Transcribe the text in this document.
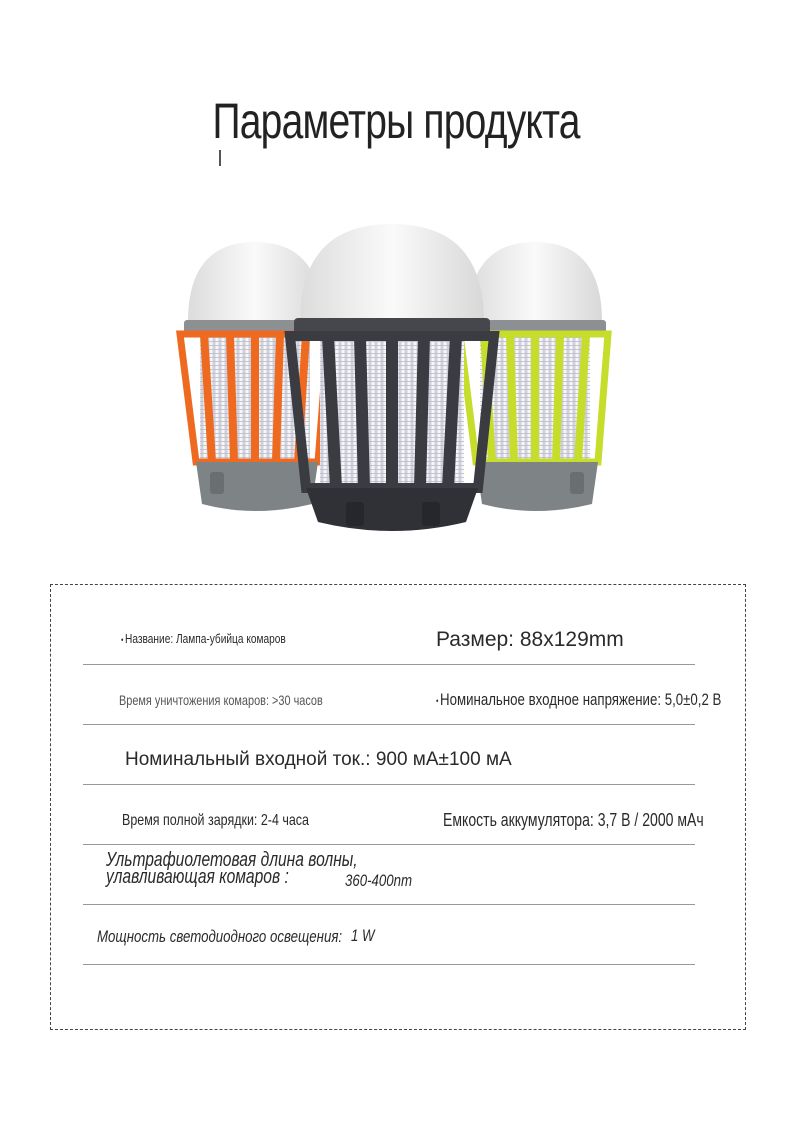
Параметры продукта
• Название: Лампа-убийца комаров	Размер: 88x129mm
Время уничтожения комаров: >30 часов
•	Номинальное входное напряжение: 5,0±0,2 В
Номинальный входной ток.: 900 мА±100 мА
Время полной зарядки: 2-4 часа	Емкость аккумулятора: 3,7 В / 2000 мАч
Ультрафиолетовая длина волны,
улавливающая комаров :	360-400nm
Мощность светодиодного освещения: 1 W
